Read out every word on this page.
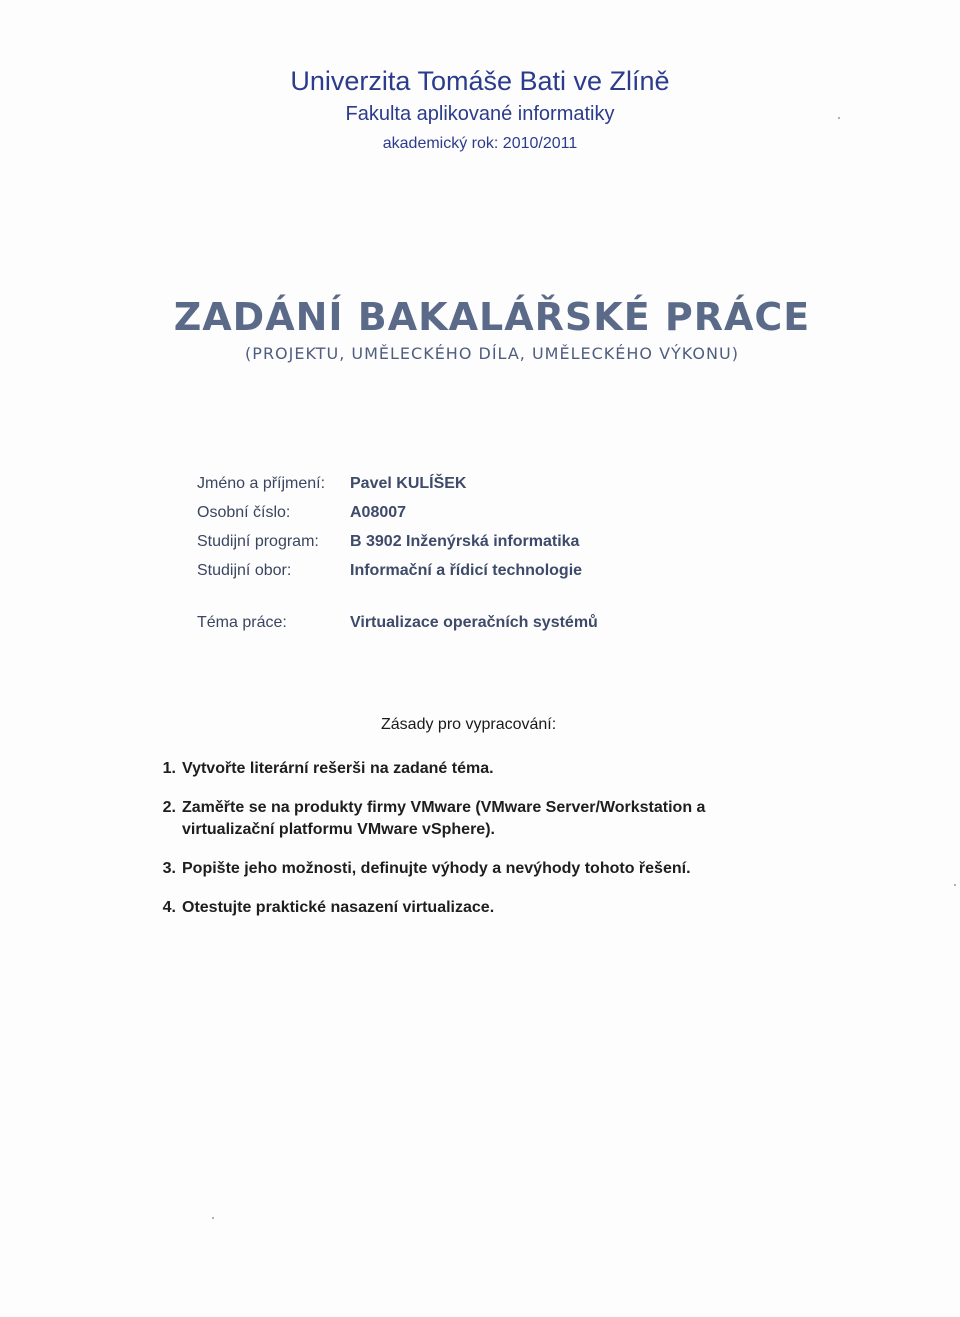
Univerzita Tomáše Bati ve Zlíně
Fakulta aplikované informatiky
akademický rok: 2010/2011
ZADÁNÍ BAKALÁŘSKÉ PRÁCE
(PROJEKTU, UMĚLECKÉHO DÍLA, UMĚLECKÉHO VÝKONU)
Jméno a příjmení: Pavel KULÍŠEK
Osobní číslo:	A08007
Studijní program: B 3902 Inženýrská informatika
Studijní obor:	Informační a řídicí technologie
Téma práce:	Virtualizace operačních systémů
Zásady pro vypracování:
1. Vytvořte literární rešerši na zadané téma.
2. Zaměřte se na produkty firmy VMware (VMware Server/Workstation a virtualizační platformu VMware vSphere).
3. Popište jeho možnosti, definujte výhody a nevýhody tohoto řešení.
4. Otestujte praktické nasazení virtualizace.
